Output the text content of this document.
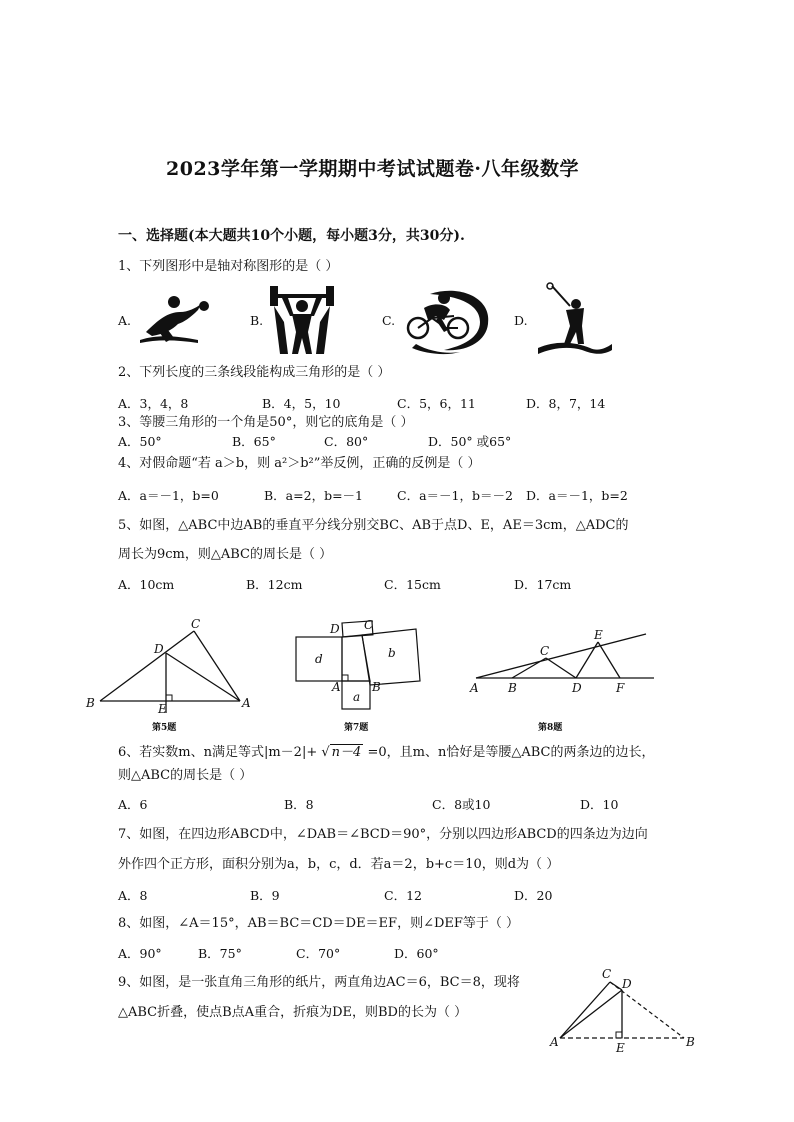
2023学年第一学期期中考试试题卷·八年级数学
一、选择题(本大题共10个小题，每小题3分，共30分).
1、下列图形中是轴对称图形的是（ ）
A.	B.	C.	D.
2、下列长度的三条线段能构成三角形的是（ ）
A．3，4，8	B．4，5，10	C．5，6，11	D．8，7，14
3、等腰三角形的一个角是50°，则它的底角是（ ）
A．50°	B．65°	C．80°	D．50° 或65°
4、对假命题“若 a＞b，则 a²＞b²”举反例，正确的反例是（ ）
A．a＝－1，b=0	B．a=2，b=－1	C．a＝－1，b＝－2 D．a＝－1，b=2
5、如图，△ABC中边AB的垂直平分线分别交BC、AB于点D、E，AE＝3cm，△ADC的
周长为9cm，则△ABC的周长是（ ）
A．10cm	B．12cm	C．15cm	D．17cm
C
D
B	E	A
第5题
D C
d	b
A	B
a
第7题
E
C
A B	D	F
第8题
6、若实数m、n满足等式|m－2|+ √ n－4 =0，且m、n恰好是等腰△ABC的两条边的边长，
则△ABC的周长是（ ）
A．6	B．8	C．8或10	D．10
7、如图，在四边形ABCD中，∠DAB＝∠BCD＝90°，分别以四边形ABCD的四条边为边向
外作四个正方形，面积分别为a，b，c，d．若a＝2，b+c＝10，则d为（ ）
A．8	B．9	C．12	D．20
8、如图，∠A＝15°，AB＝BC＝CD＝DE＝EF，则∠DEF等于（ ）
A．90°	B．75°	C．70°	D．60°
9、如图，是一张直角三角形的纸片，两直角边AC＝6，BC＝8，现将
△ABC折叠，使点B点A重合，折痕为DE，则BD的长为（ ）
C
D
A	E	B
